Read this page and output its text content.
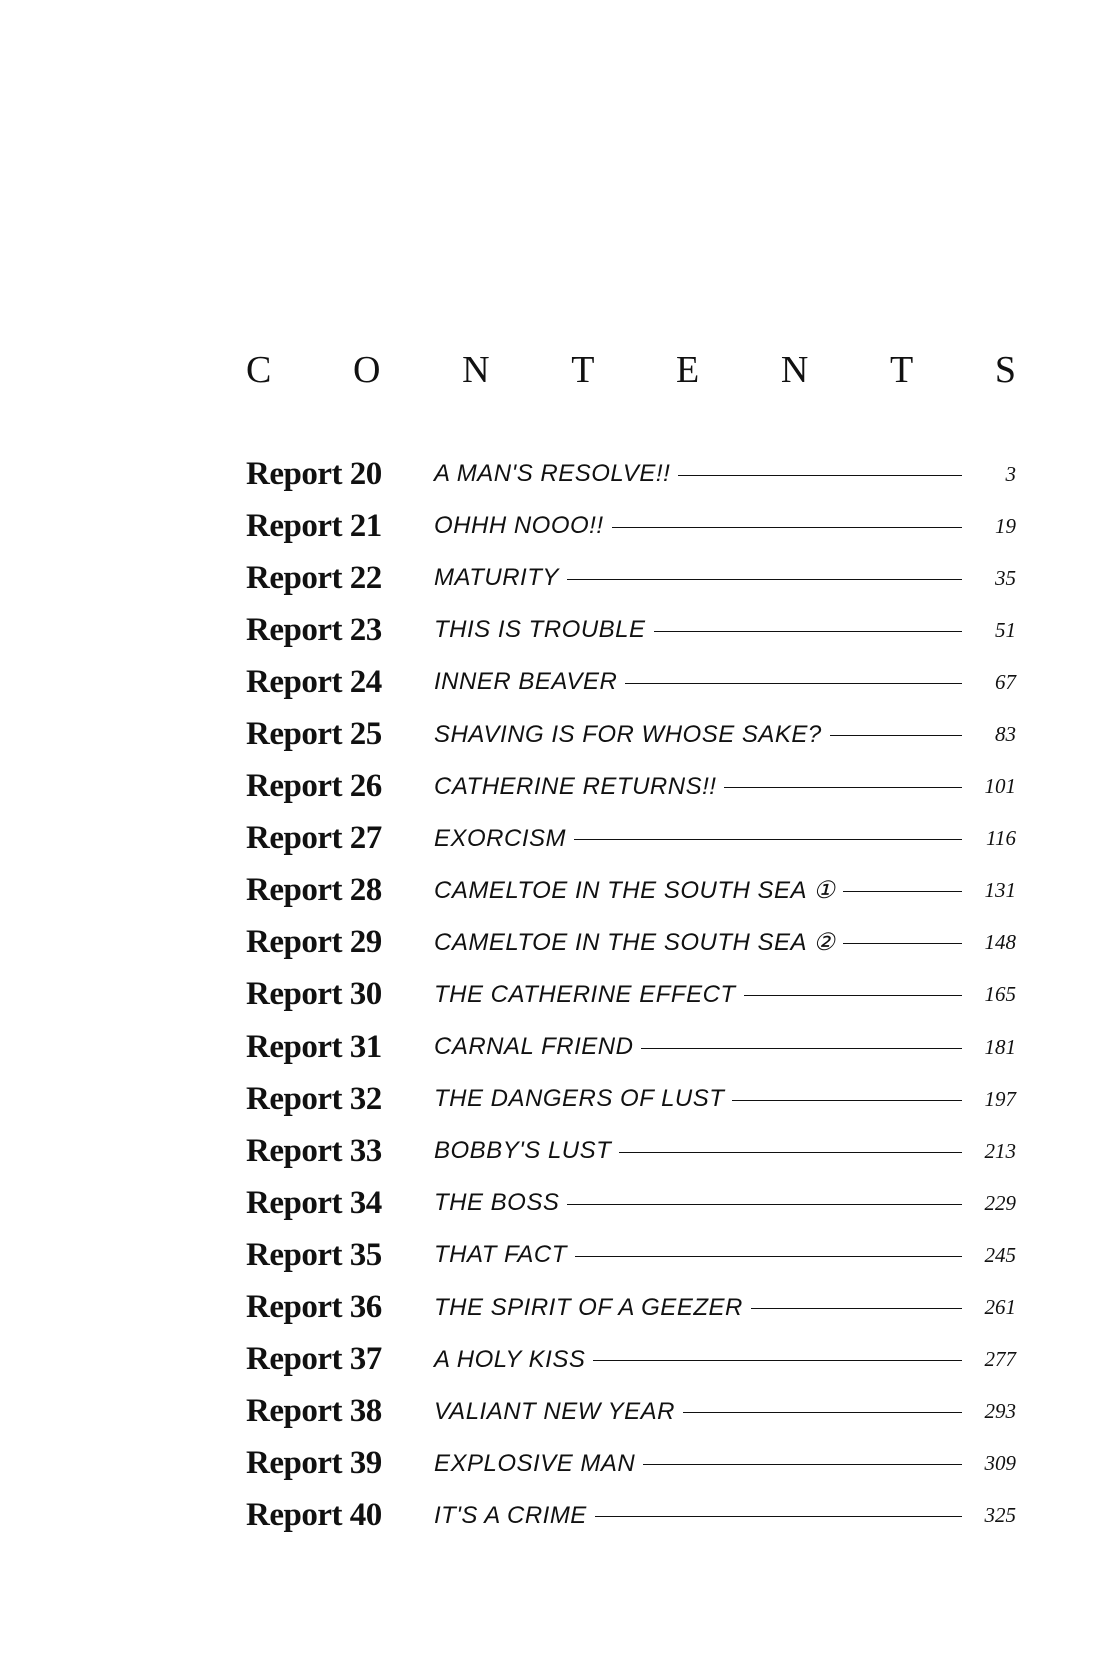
C O N T E N T S
Report 20	A MAN'S RESOLVE!!	3
Report 21	OHHH NOOO!!	19
Report 22	MATURITY	35
Report 23	THIS IS TROUBLE	51
Report 24	INNER BEAVER	67
Report 25	SHAVING IS FOR WHOSE SAKE?	83
Report 26	CATHERINE RETURNS!!	101
Report 27	EXORCISM	116
Report 28	CAMELTOE IN THE SOUTH SEA ①	131
Report 29	CAMELTOE IN THE SOUTH SEA ②	148
Report 30	THE CATHERINE EFFECT	165
Report 31	CARNAL FRIEND	181
Report 32	THE DANGERS OF LUST	197
Report 33	BOBBY'S LUST	213
Report 34	THE BOSS	229
Report 35	THAT FACT	245
Report 36	THE SPIRIT OF A GEEZER	261
Report 37	A HOLY KISS	277
Report 38	VALIANT NEW YEAR	293
Report 39	EXPLOSIVE MAN	309
Report 40	IT'S A CRIME	325
